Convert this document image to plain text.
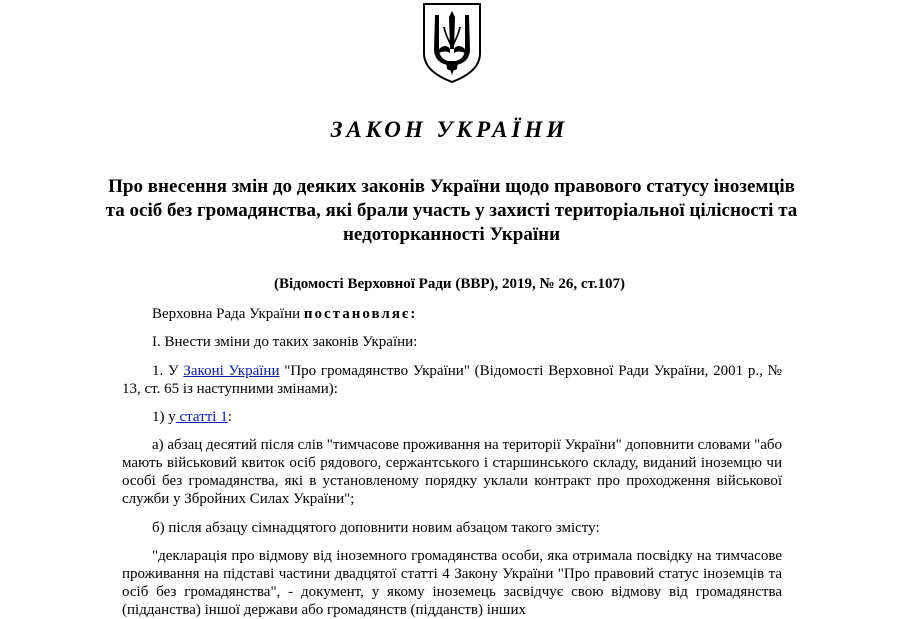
ЗАКОН УКРАЇНИ

Про внесення змін до деяких законів України щодо правового статусу іноземців та осіб без громадянства, які брали участь у захисті територіальної цілісності та недоторканності України

(Відомості Верховної Ради (ВВР), 2019, № 26, ст.107)

Верховна Рада України постановляє:

І. Внести зміни до таких законів України:

1. У Законі України "Про громадянство України" (Відомості Верховної Ради України, 2001 р., № 13, ст. 65 із наступними змінами):

1) у статті 1:

а) абзац десятий після слів "тимчасове проживання на території України" доповнити словами "або мають військовий квиток осіб рядового, сержантського і старшинського складу, виданий іноземцю чи особі без громадянства, які в установленому порядку уклали контракт про проходження військової служби у Збройних Силах України";

б) після абзацу сімнадцятого доповнити новим абзацом такого змісту:

"декларація про відмову від іноземного громадянства особи, яка отримала посвідку на тимчасове проживання на підставі частини двадцятої статті 4 Закону України "Про правовий статус іноземців та осіб без громадянства", - документ, у якому іноземець засвідчує свою відмову від громадянства (підданства) іншої держави або громадянств (підданств) інших
